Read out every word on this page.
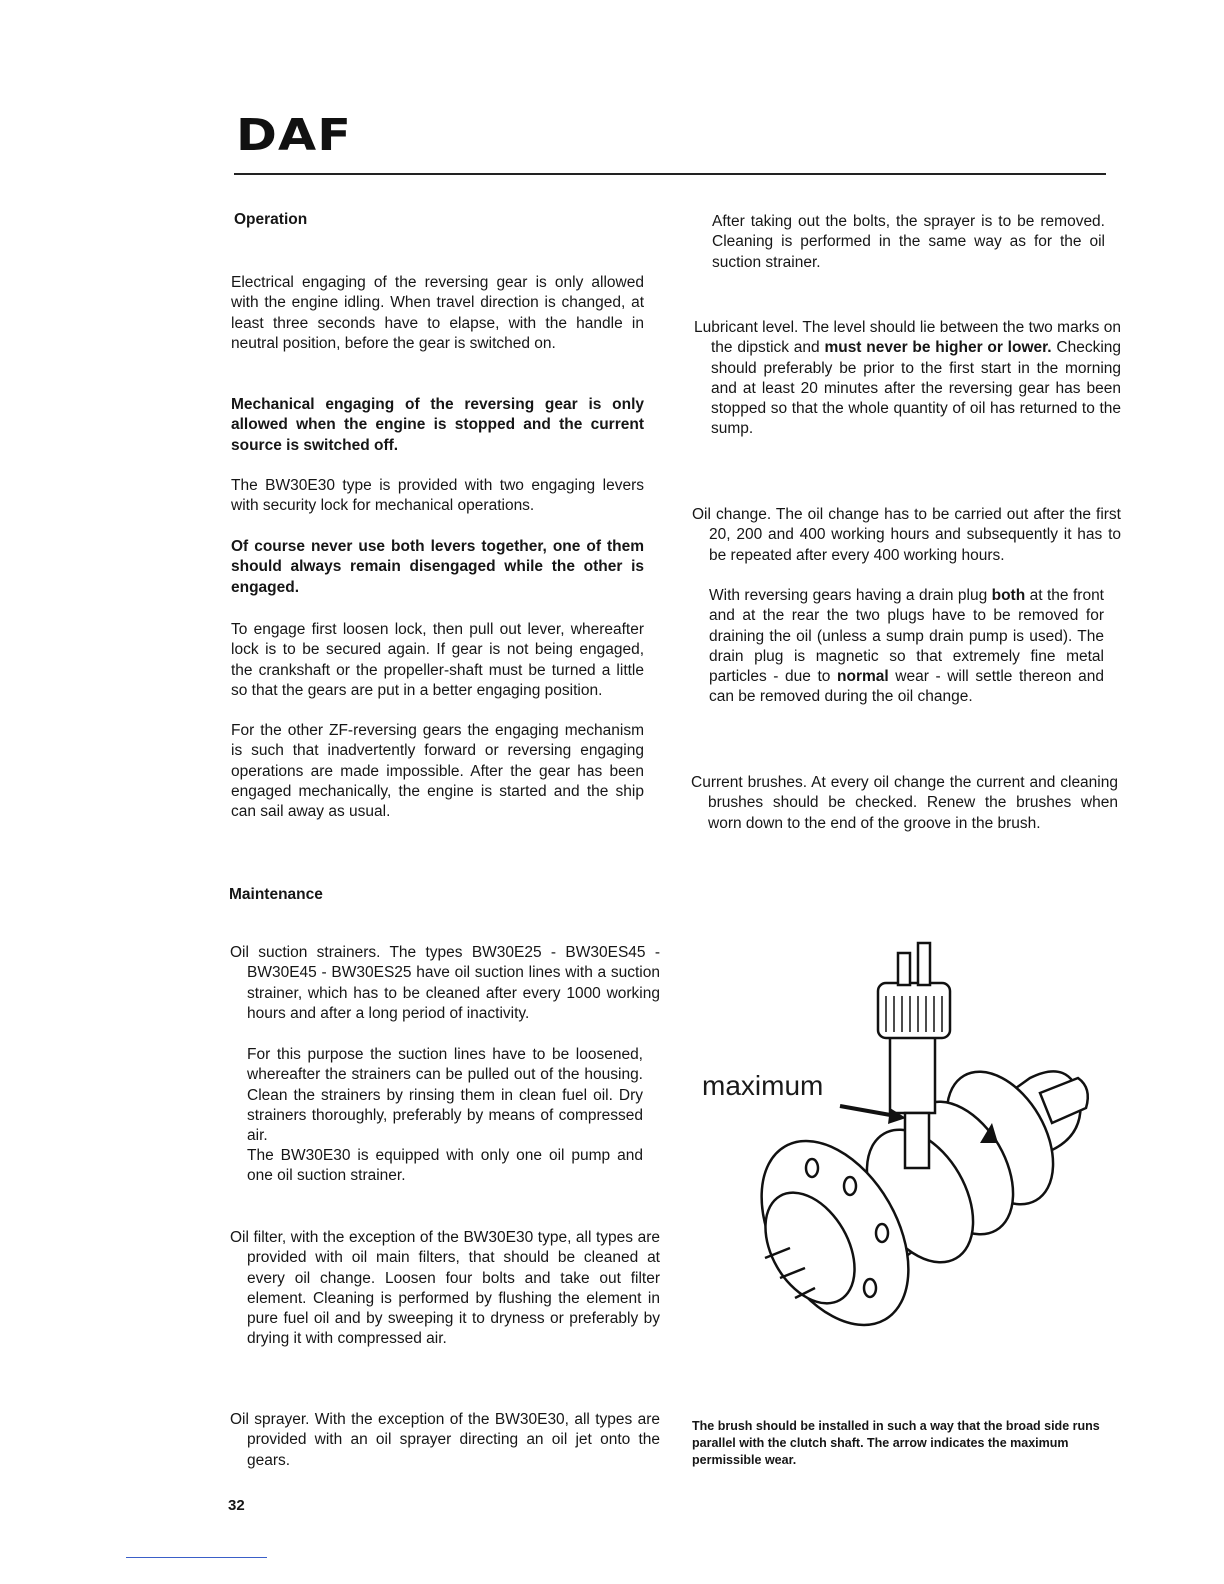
DAF
Operation

Electrical engaging of the reversing gear is only allowed with the engine idling. When travel direction is changed, at least three seconds have to elapse, with the handle in neutral position, before the gear is switched on.

Mechanical engaging of the reversing gear is only allowed when the engine is stopped and the current source is switched off.

The BW30E30 type is provided with two engaging levers with security lock for mechanical operations.

Of course never use both levers together, one of them should always remain disengaged while the other is engaged.

To engage first loosen lock, then pull out lever, whereafter lock is to be secured again. If gear is not being engaged, the crankshaft or the propeller-shaft must be turned a little so that the gears are put in a better engaging position.

For the other ZF-reversing gears the engaging mechanism is such that inadvertently forward or reversing engaging operations are made impossible. After the gear has been engaged mechanically, the engine is started and the ship can sail away as usual.

Maintenance

Oil suction strainers. The types BW30E25 - BW30ES45 - BW30E45 - BW30ES25 have oil suction lines with a suction strainer, which has to be cleaned after every 1000 working hours and after a long period of inactivity.

For this purpose the suction lines have to be loosened, whereafter the strainers can be pulled out of the housing. Clean the strainers by rinsing them in clean fuel oil. Dry strainers thoroughly, preferably by means of compressed air.

The BW30E30 is equipped with only one oil pump and one oil suction strainer.

Oil filter, with the exception of the BW30E30 type, all types are provided with oil main filters, that should be cleaned at every oil change. Loosen four bolts and take out filter element. Cleaning is performed by flushing the element in pure fuel oil and by sweeping it to dryness or preferably by drying it with compressed air.

Oil sprayer. With the exception of the BW30E30, all types are provided with an oil sprayer directing an oil jet onto the gears.

After taking out the bolts, the sprayer is to be removed. Cleaning is performed in the same way as for the oil suction strainer.

Lubricant level. The level should lie between the two marks on the dipstick and must never be higher or lower. Checking should preferably be prior to the first start in the morning and at least 20 minutes after the reversing gear has been stopped so that the whole quantity of oil has returned to the sump.

Oil change. The oil change has to be carried out after the first 20, 200 and 400 working hours and subsequently it has to be repeated after every 400 working hours.

With reversing gears having a drain plug both at the front and at the rear the two plugs have to be removed for draining the oil (unless a sump drain pump is used). The drain plug is magnetic so that extremely fine metal particles - due to normal wear - will settle thereon and can be removed during the oil change.

Current brushes. At every oil change the current and cleaning brushes should be checked. Renew the brushes when worn down to the end of the groove in the brush.

maximum
The brush should be installed in such a way that the broad side runs parallel with the clutch shaft. The arrow indicates the maximum permissible wear.
32
